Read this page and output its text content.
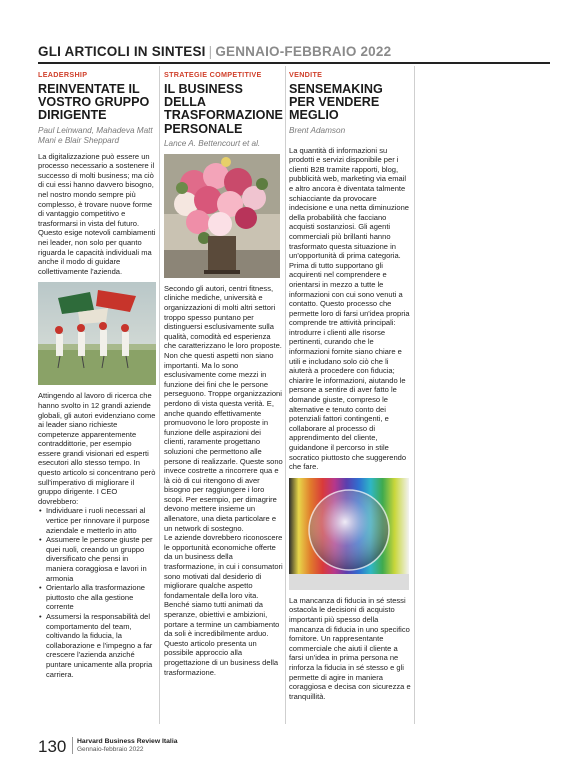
GLI ARTICOLI IN SINTESI | GENNAIO-FEBBRAIO 2022
LEADERSHIP
REINVENTATE IL VOSTRO GRUPPO DIRIGENTE
Paul Leinwand, Mahadeva Matt Mani e Blair Sheppard

La digitalizzazione può essere un processo necessario a sostenere il successo di molti business; ma ciò di cui essi hanno davvero bisogno, nel nostro mondo sempre più complesso, è trovare nuove forme di vantaggio competitivo e trasformarsi in vista del futuro. Questo esige notevoli cambiamenti nei leader, non solo per quanto riguarda le capacità individuali ma anche il modo di guidare collettivamente l'azienda.

Attingendo al lavoro di ricerca che hanno svolto in 12 grandi aziende globali, gli autori evidenziano come ai leader siano richieste competenze apparentemente contraddittorie, per esempio essere grandi visionari ed esperti esecutori allo stesso tempo. In questo articolo si concentrano però sull'imperativo di migliorare il gruppo dirigente. I CEO dovrebbero:

• Individuare i ruoli necessari al vertice per rinnovare il purpose aziendale e metterlo in atto
• Assumere le persone giuste per quei ruoli, creando un gruppo diversificato che pensi in maniera coraggiosa e lavori in armonia
• Orientarlo alla trasformazione piuttosto che alla gestione corrente
• Assumersi la responsabilità del comportamento del team, coltivando la fiducia, la collaborazione e l'impegno a far crescere l'azienda anziché puntare unicamente alla propria carriera.
STRATEGIE COMPETITIVE
IL BUSINESS DELLA TRASFORMAZIONE PERSONALE
Lance A. Bettencourt et al.

Secondo gli autori, centri fitness, cliniche mediche, università e organizzazioni di molti altri settori troppo spesso puntano per distinguersi esclusivamente sulla qualità, comodità ed esperienza che caratterizzano le loro proposte. Non che questi aspetti non siano importanti. Ma lo sono esclusivamente come mezzi in funzione dei fini che le persone perseguono. Troppe organizzazioni perdono di vista questa verità. E, anche quando effettivamente promuovono le loro proposte in funzione delle aspirazioni dei clienti, raramente progettano soluzioni che permettono alle persone di realizzarle. Queste sono invece costrette a rincorrere qua e là ciò di cui ritengono di aver bisogno per raggiungere i loro scopi. Per esempio, per dimagrire devono mettere insieme un allenatore, una dieta particolare e un network di sostegno.

Le aziende dovrebbero riconoscere le opportunità economiche offerte da un business della trasformazione, in cui i consumatori sono motivati dal desiderio di migliorare qualche aspetto fondamentale della loro vita. Benché siamo tutti animati da speranze, obiettivi e ambizioni, portare a termine un cambiamento da soli è incredibilmente arduo. Questo articolo presenta un possibile approccio alla progettazione di un business della trasformazione.

VENDITE
SENSEMAKING PER VENDERE MEGLIO
Brent Adamson

La quantità di informazioni su prodotti e servizi disponibile per i clienti B2B tramite rapporti, blog, pubblicità web, marketing via email e altro ancora è diventata talmente schiacciante da provocare indecisione e una netta diminuzione della probabilità che facciano acquisti sostanziosi. Gli agenti commerciali più brillanti hanno trasformato questa situazione in un'opportunità di prima categoria. Prima di tutto supportano gli acquirenti nel comprendere e orientarsi in mezzo a tutte le informazioni con cui sono venuti a contatto. Questo processo che permette loro di farsi un'idea propria comprende tre attività principali: introdurre i clienti alle risorse pertinenti, curando che le informazioni fornite siano chiare e utili e includano solo ciò che li aiuterà a procedere con fiducia; chiarire le informazioni, aiutando le persone a sentire di aver fatto le domande giuste, compreso le alternative e tenuto conto dei potenziali fattori contingenti, e collaborare al processo di apprendimento del cliente, guidandone il percorso in stile socratico piuttosto che suggerendo che fare.

La mancanza di fiducia in sé stessi ostacola le decisioni di acquisto importanti più spesso della mancanza di fiducia in uno specifico fornitore. Un rappresentante commerciale che aiuti il cliente a farsi un'idea in prima persona ne rinforza la fiducia in sé stesso e gli permette di agire in maniera coraggiosa e decisa con sicurezza e tranquillità.

130 Harvard Business Review Italia
Gennaio-febbraio 2022
